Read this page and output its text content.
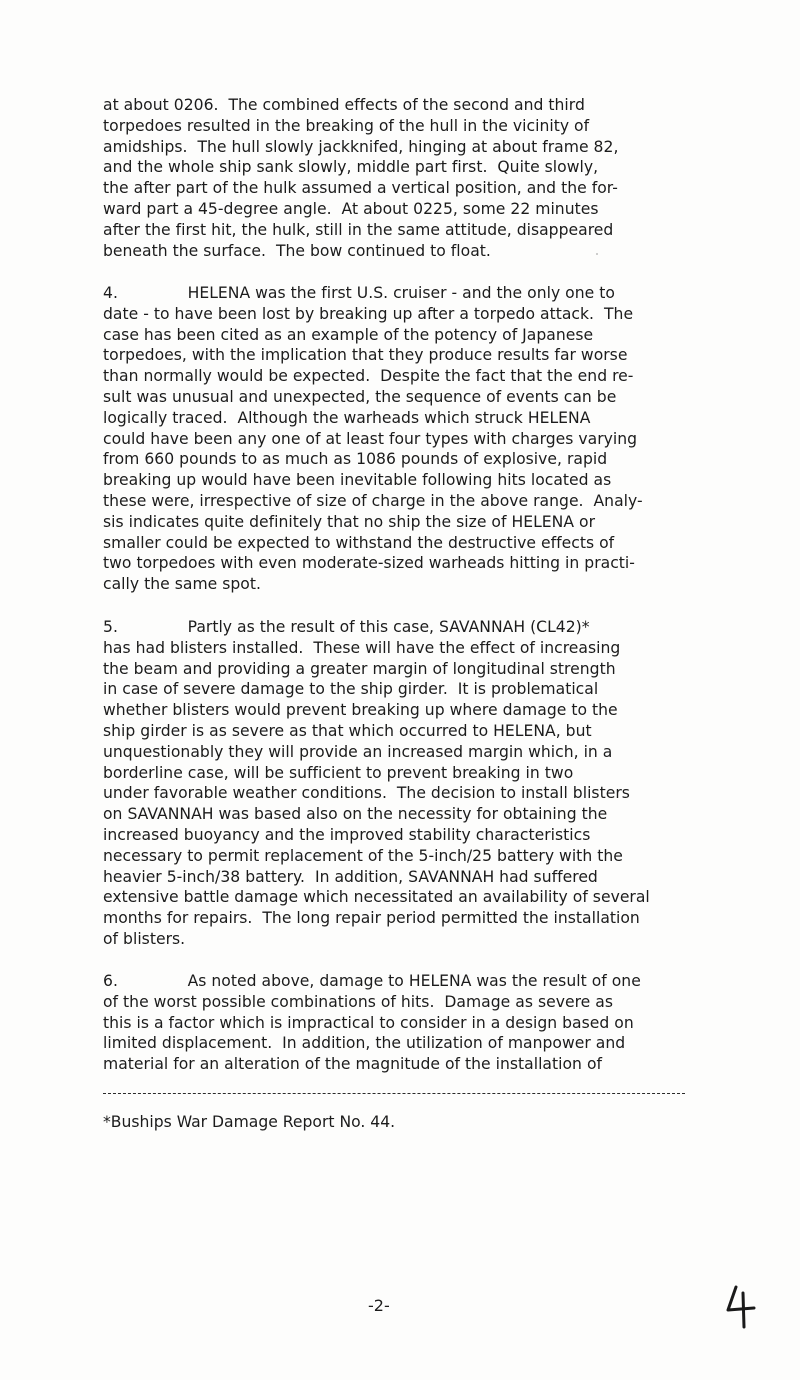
at about 0206.  The combined effects of the second and third
torpedoes resulted in the breaking of the hull in the vicinity of
amidships.  The hull slowly jackknifed, hinging at about frame 82,
and the whole ship sank slowly, middle part first.  Quite slowly,
the after part of the hulk assumed a vertical position, and the for-
ward part a 45-degree angle.  At about 0225, some 22 minutes
after the first hit, the hulk, still in the same attitude, disappeared
beneath the surface.  The bow continued to float.
4.              HELENA was the first U.S. cruiser - and the only one to
date - to have been lost by breaking up after a torpedo attack.  The
case has been cited as an example of the potency of Japanese
torpedoes, with the implication that they produce results far worse
than normally would be expected.  Despite the fact that the end re-
sult was unusual and unexpected, the sequence of events can be
logically traced.  Although the warheads which struck HELENA
could have been any one of at least four types with charges varying
from 660 pounds to as much as 1086 pounds of explosive, rapid
breaking up would have been inevitable following hits located as
these were, irrespective of size of charge in the above range.  Analy-
sis indicates quite definitely that no ship the size of HELENA or
smaller could be expected to withstand the destructive effects of
two torpedoes with even moderate-sized warheads hitting in practi-
cally the same spot.
5.              Partly as the result of this case, SAVANNAH (CL42)*
has had blisters installed.  These will have the effect of increasing
the beam and providing a greater margin of longitudinal strength
in case of severe damage to the ship girder.  It is problematical
whether blisters would prevent breaking up where damage to the
ship girder is as severe as that which occurred to HELENA, but
unquestionably they will provide an increased margin which, in a
borderline case, will be sufficient to prevent breaking in two
under favorable weather conditions.  The decision to install blisters
on SAVANNAH was based also on the necessity for obtaining the
increased buoyancy and the improved stability characteristics
necessary to permit replacement of the 5-inch/25 battery with the
heavier 5-inch/38 battery.  In addition, SAVANNAH had suffered
extensive battle damage which necessitated an availability of several
months for repairs.  The long repair period permitted the installation
of blisters.
6.              As noted above, damage to HELENA was the result of one
of the worst possible combinations of hits.  Damage as severe as
this is a factor which is impractical to consider in a design based on
limited displacement.  In addition, the utilization of manpower and
material for an alteration of the magnitude of the installation of
*Buships War Damage Report No. 44.
-2-
